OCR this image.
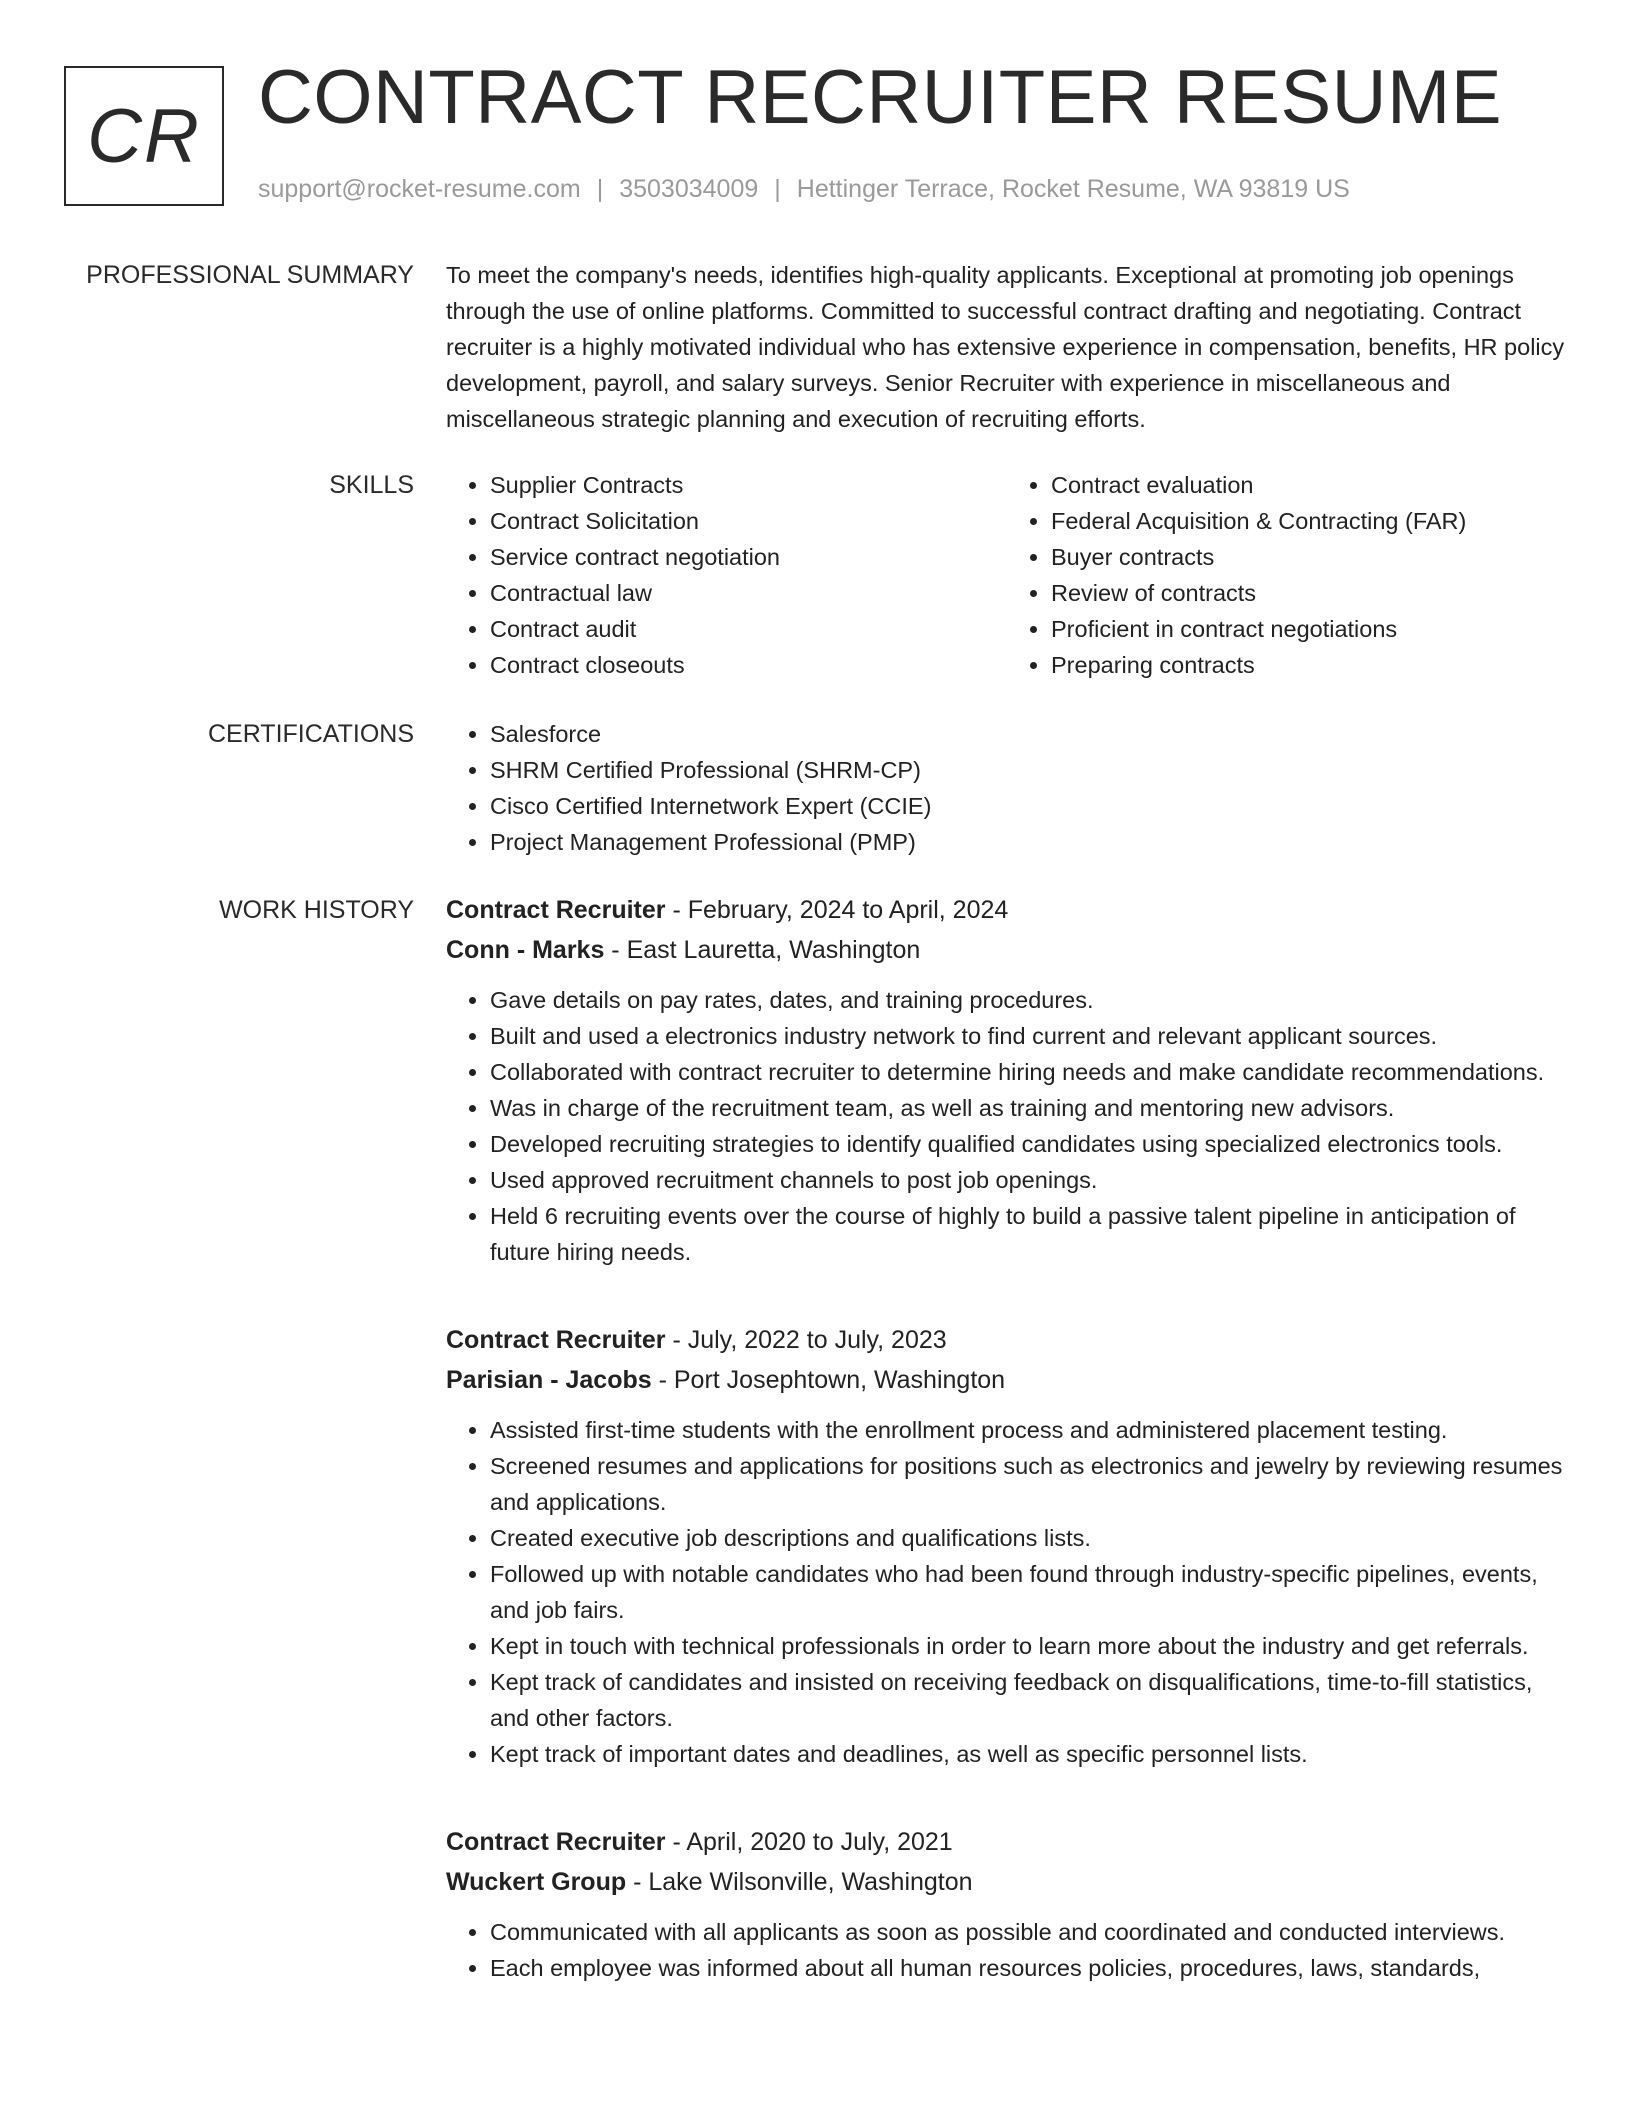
CR CONTRACT RECRUITER RESUME
support@rocket-resume.com | 3503034009 | Hettinger Terrace, Rocket Resume, WA 93819 US
PROFESSIONAL SUMMARY To meet the company's needs, identifies high-quality applicants. Exceptional at promoting job openings through the use of online platforms. Committed to successful contract drafting and negotiating. Contract recruiter is a highly motivated individual who has extensive experience in compensation, benefits, HR policy development, payroll, and salary surveys. Senior Recruiter with experience in miscellaneous and miscellaneous strategic planning and execution of recruiting efforts.

SKILLS	• Supplier Contracts
• Contract Solicitation
• Service contract negotiation
• Contractual law
• Contract audit
• Contract closeouts
• Contract evaluation
• Federal Acquisition & Contracting (FAR)
• Buyer contracts
• Review of contracts
• Proficient in contract negotiations
• Preparing contracts
CERTIFICATIONS	• Salesforce
• SHRM Certified Professional (SHRM-CP)
• Cisco Certified Internetwork Expert (CCIE)
• Project Management Professional (PMP)
WORK HISTORY Contract Recruiter - February, 2024 to April, 2024
Conn - Marks - East Lauretta, Washington
• Gave details on pay rates, dates, and training procedures.
• Built and used a electronics industry network to find current and relevant applicant sources.
• Collaborated with contract recruiter to determine hiring needs and make candidate recommendations.
• Was in charge of the recruitment team, as well as training and mentoring new advisors.
• Developed recruiting strategies to identify qualified candidates using specialized electronics tools.
• Used approved recruitment channels to post job openings.
• Held 6 recruiting events over the course of highly to build a passive talent pipeline in anticipation of future hiring needs.
Contract Recruiter - July, 2022 to July, 2023
Parisian - Jacobs - Port Josephtown, Washington
• Assisted first-time students with the enrollment process and administered placement testing.
• Screened resumes and applications for positions such as electronics and jewelry by reviewing resumes and applications.
• Created executive job descriptions and qualifications lists.
• Followed up with notable candidates who had been found through industry-specific pipelines, events, and job fairs.
• Kept in touch with technical professionals in order to learn more about the industry and get referrals.
• Kept track of candidates and insisted on receiving feedback on disqualifications, time-to-fill statistics, and other factors.
• Kept track of important dates and deadlines, as well as specific personnel lists.
Contract Recruiter - April, 2020 to July, 2021
Wuckert Group - Lake Wilsonville, Washington
• Communicated with all applicants as soon as possible and coordinated and conducted interviews.
• Each employee was informed about all human resources policies, procedures, laws, standards,
